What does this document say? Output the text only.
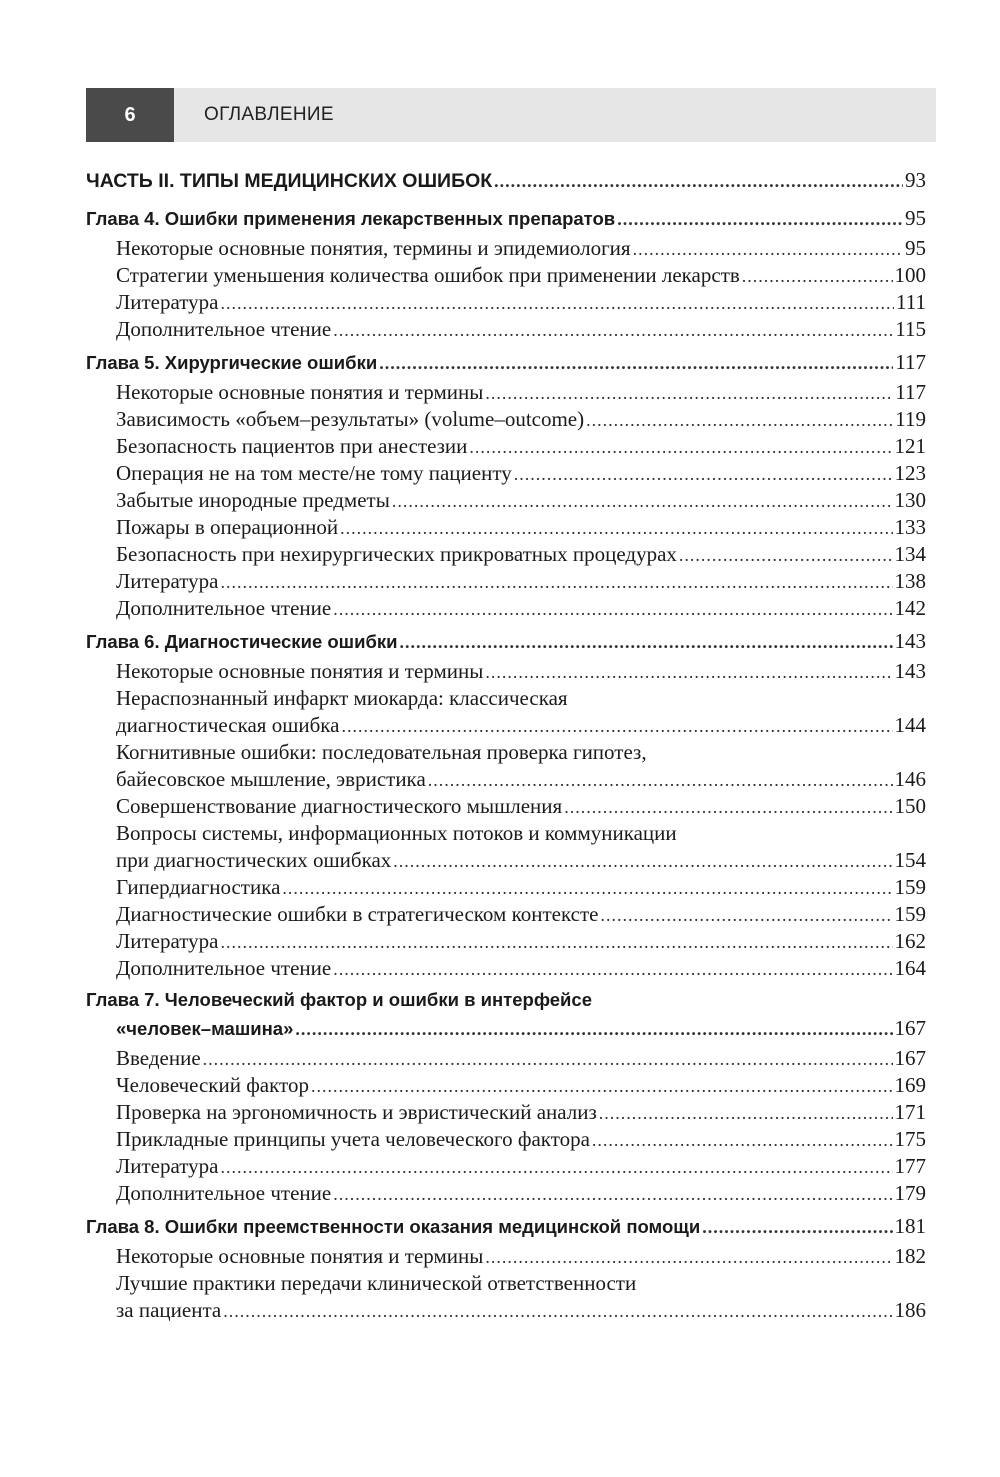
6	ОГЛАВЛЕНИЕ
ЧАСТЬ II. ТИПЫ МЕДИЦИНСКИХ ОШИБОК .....	93
Глава 4. Ошибки применения лекарственных препаратов .....	95
Некоторые основные понятия, термины и эпидемиология .....	95
Стратегии уменьшения количества ошибок при применении лекарств .....	100
Литература .....	111
Дополнительное чтение .....	115
Глава 5. Хирургические ошибки .....	117
Некоторые основные понятия и термины .....	117
Зависимость «объем–результаты» (volume–outcome) .....	119
Безопасность пациентов при анестезии .....	121
Операция не на том месте/не тому пациенту .....	123
Забытые инородные предметы .....	130
Пожары в операционной .....	133
Безопасность при нехирургических прикроватных процедурах .....	134
Литература .....	138
Дополнительное чтение .....	142
Глава 6. Диагностические ошибки .....	143
Некоторые основные понятия и термины .....	143
Нераспознанный инфаркт миокарда: классическая
диагностическая ошибка .....	144
Когнитивные ошибки: последовательная проверка гипотез,
байесовское мышление, эвристика .....	146
Совершенствование диагностического мышления .....	150
Вопросы системы, информационных потоков и коммуникации
при диагностических ошибках .....	154
Гипердиагностика .....	159
Диагностические ошибки в стратегическом контексте .....	159
Литература .....	162
Дополнительное чтение .....	164
Глава 7. Человеческий фактор и ошибки в интерфейсе
«человек–машина» .....	167
Введение .....	167
Человеческий фактор .....	169
Проверка на эргономичность и эвристический анализ .....	171
Прикладные принципы учета человеческого фактора .....	175
Литература .....	177
Дополнительное чтение .....	179
Глава 8. Ошибки преемственности оказания медицинской помощи .....	181
Некоторые основные понятия и термины .....	182
Лучшие практики передачи клинической ответственности
за пациента .....	186
